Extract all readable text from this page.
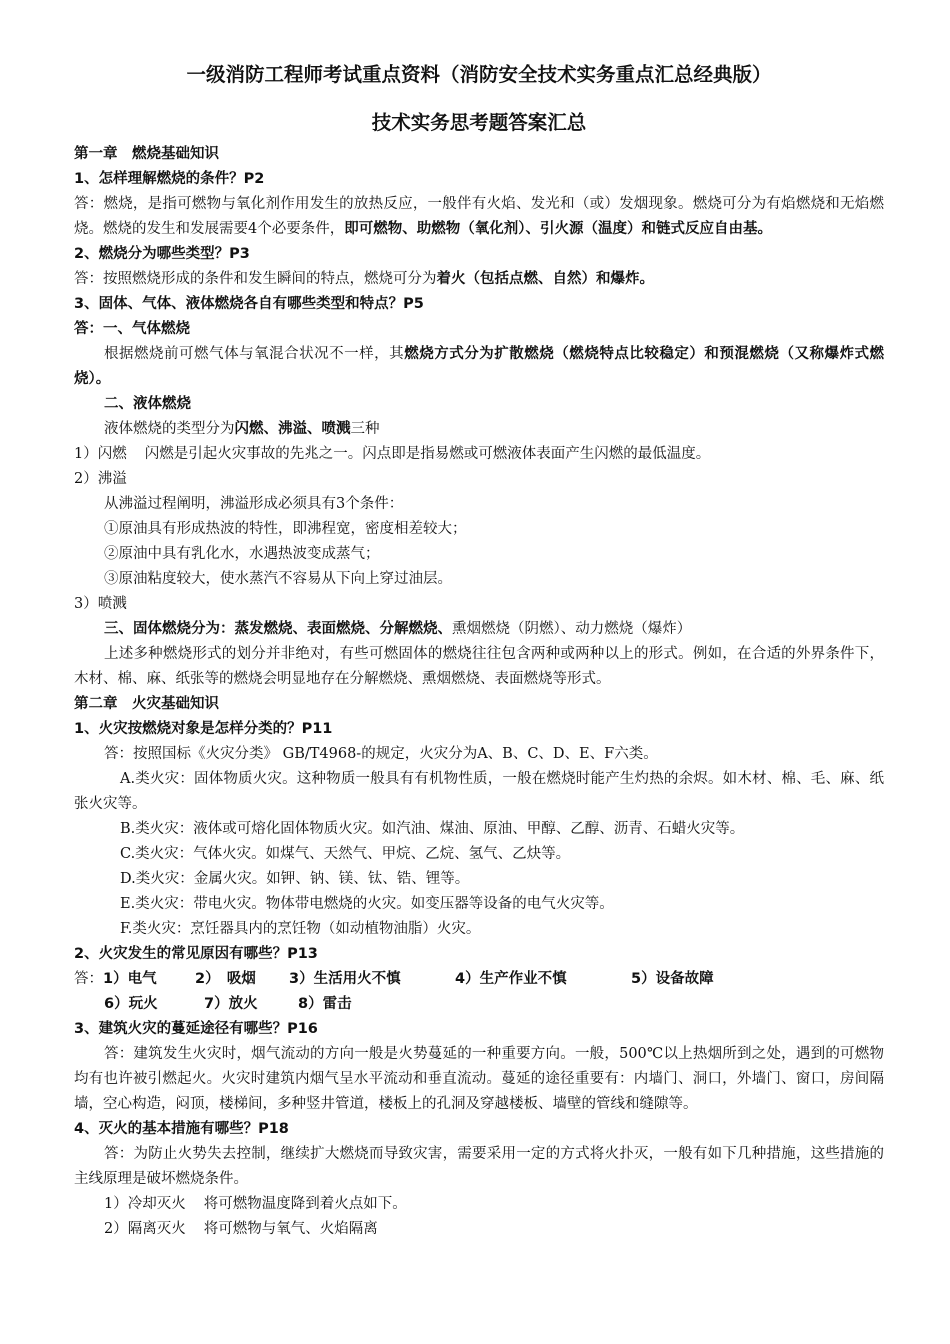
一级消防工程师考试重点资料（消防安全技术实务重点汇总经典版）
技术实务思考题答案汇总
第一章　燃烧基础知识
1、怎样理解燃烧的条件？P2
答：燃烧，是指可燃物与氧化剂作用发生的放热反应，一般伴有火焰、发光和（或）发烟现象。燃烧可分为有焰燃烧和无焰燃烧。燃烧的发生和发展需要4个必要条件，即可燃物、助燃物（氧化剂）、引火源（温度）和链式反应自由基。
2、燃烧分为哪些类型？P3
答：按照燃烧形成的条件和发生瞬间的特点，燃烧可分为着火（包括点燃、自然）和爆炸。
3、固体、气体、液体燃烧各自有哪些类型和特点？P5
答：一、气体燃烧
根据燃烧前可燃气体与氧混合状况不一样，其燃烧方式分为扩散燃烧（燃烧特点比较稳定）和预混燃烧（又称爆炸式燃烧）。
二、液体燃烧
液体燃烧的类型分为闪燃、沸溢、喷溅三种
1）闪燃 闪燃是引起火灾事故的先兆之一。闪点即是指易燃或可燃液体表面产生闪燃的最低温度。
2）沸溢
从沸溢过程阐明，沸溢形成必须具有3个条件：
①原油具有形成热波的特性，即沸程宽，密度相差较大；
②原油中具有乳化水，水遇热波变成蒸气；
③原油粘度较大，使水蒸汽不容易从下向上穿过油层。
3）喷溅
三、固体燃烧分为：蒸发燃烧、表面燃烧、分解燃烧、熏烟燃烧（阴燃）、动力燃烧（爆炸）
上述多种燃烧形式的划分并非绝对，有些可燃固体的燃烧往往包含两种或两种以上的形式。例如，在合适的外界条件下，木材、棉、麻、纸张等的燃烧会明显地存在分解燃烧、熏烟燃烧、表面燃烧等形式。
第二章　火灾基础知识
1、火灾按燃烧对象是怎样分类的？P11
答：按照国标《火灾分类》 GB/T4968-的规定，火灾分为A、B、C、D、E、F六类。
A.类火灾：固体物质火灾。这种物质一般具有有机物性质，一般在燃烧时能产生灼热的余烬。如木材、棉、毛、麻、纸张火灾等。
B.类火灾：液体或可熔化固体物质火灾。如汽油、煤油、原油、甲醇、乙醇、沥青、石蜡火灾等。
C.类火灾：气体火灾。如煤气、天然气、甲烷、乙烷、氢气、乙炔等。
D.类火灾：金属火灾。如钾、钠、镁、钛、锆、锂等。
E.类火灾：带电火灾。物体带电燃烧的火灾。如变压器等设备的电气火灾等。
F.类火灾：烹饪器具内的烹饪物（如动植物油脂）火灾。
2、火灾发生的常见原因有哪些？P13
答：1）电气	2）　吸烟 3）生活用火不慎	4）生产作业不慎	5）设备故障
6）玩火	7）放火	8）雷击
3、建筑火灾的蔓延途径有哪些？P16
答：建筑发生火灾时，烟气流动的方向一般是火势蔓延的一种重要方向。一般，500℃以上热烟所到之处，遇到的可燃物均有也许被引燃起火。火灾时建筑内烟气呈水平流动和垂直流动。蔓延的途径重要有：内墙门、洞口，外墙门、窗口，房间隔墙，空心构造，闷顶，楼梯间，多种竖井管道，楼板上的孔洞及穿越楼板、墙壁的管线和缝隙等。
4、灭火的基本措施有哪些？P18
答：为防止火势失去控制，继续扩大燃烧而导致灾害，需要采用一定的方式将火扑灭，一般有如下几种措施，这些措施的主线原理是破坏燃烧条件。
1）冷却灭火 将可燃物温度降到着火点如下。
2）隔离灭火 将可燃物与氧气、火焰隔离
